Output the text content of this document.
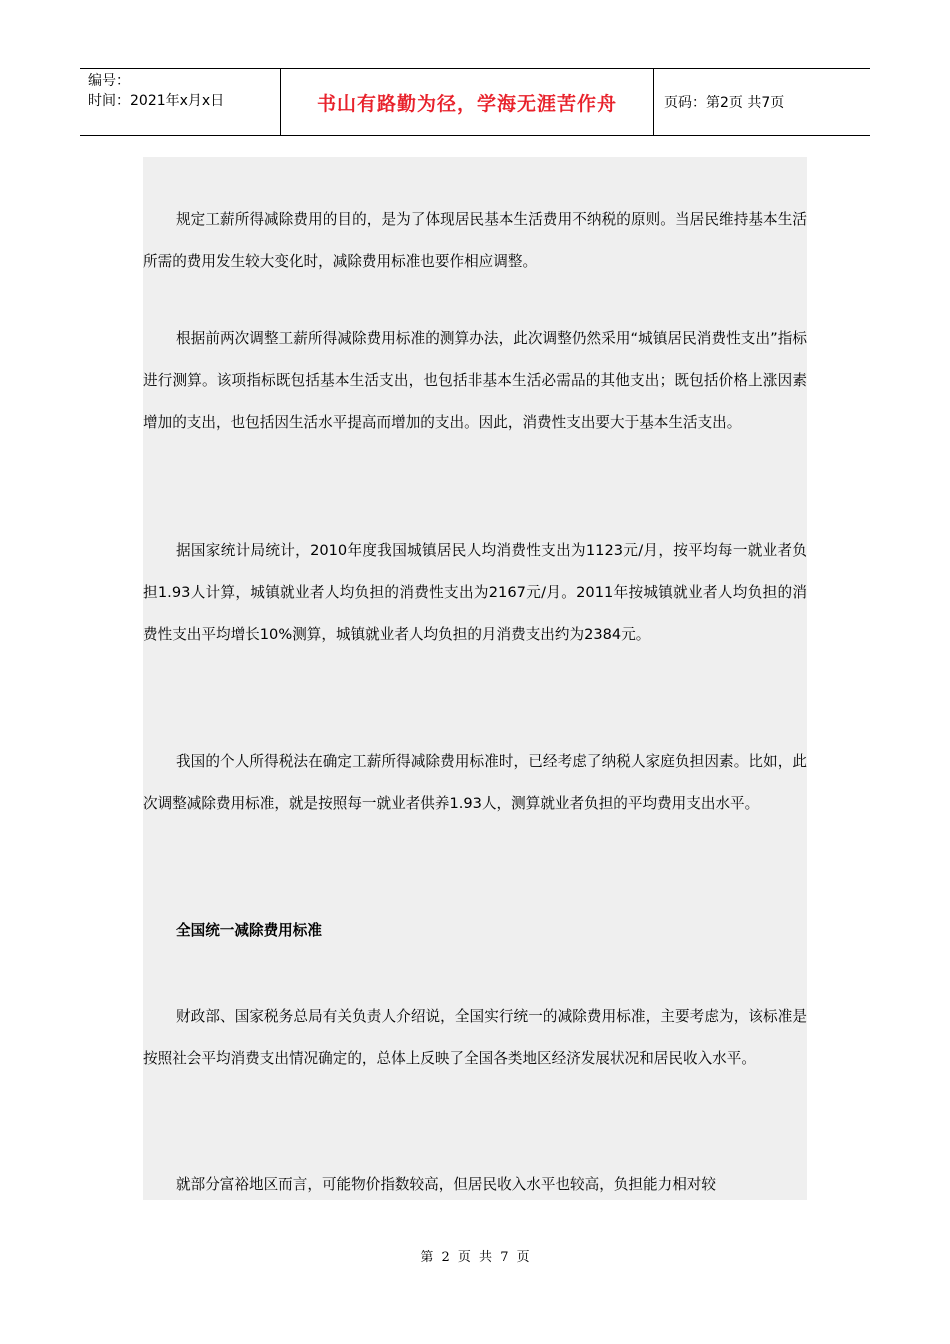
编号：
时间：2021年x月x日	书山有路勤为径，学海无涯苦作舟	页码：第2页 共7页

规定工薪所得减除费用的目的，是为了体现居民基本生活费用不纳税的原则。当居民维持基本生活所需的费用发生较大变化时，减除费用标准也要作相应调整。

根据前两次调整工薪所得减除费用标准的测算办法，此次调整仍然采用“城镇居民消费性支出”指标进行测算。该项指标既包括基本生活支出，也包括非基本生活必需品的其他支出；既包括价格上涨因素增加的支出，也包括因生活水平提高而增加的支出。因此，消费性支出要大于基本生活支出。

据国家统计局统计，2010年度我国城镇居民人均消费性支出为1123元/月，按平均每一就业者负担1.93人计算，城镇就业者人均负担的消费性支出为2167元/月。2011年按城镇就业者人均负担的消费性支出平均增长10%测算，城镇就业者人均负担的月消费支出约为2384元。

我国的个人所得税法在确定工薪所得减除费用标准时，已经考虑了纳税人家庭负担因素。比如，此次调整减除费用标准，就是按照每一就业者供养1.93人，测算就业者负担的平均费用支出水平。

全国统一减除费用标准

财政部、国家税务总局有关负责人介绍说，全国实行统一的减除费用标准，主要考虑为，该标准是按照社会平均消费支出情况确定的，总体上反映了全国各类地区经济发展状况和居民收入水平。

就部分富裕地区而言，可能物价指数较高，但居民收入水平也较高，负担能力相对较

第 2 页 共 7 页
